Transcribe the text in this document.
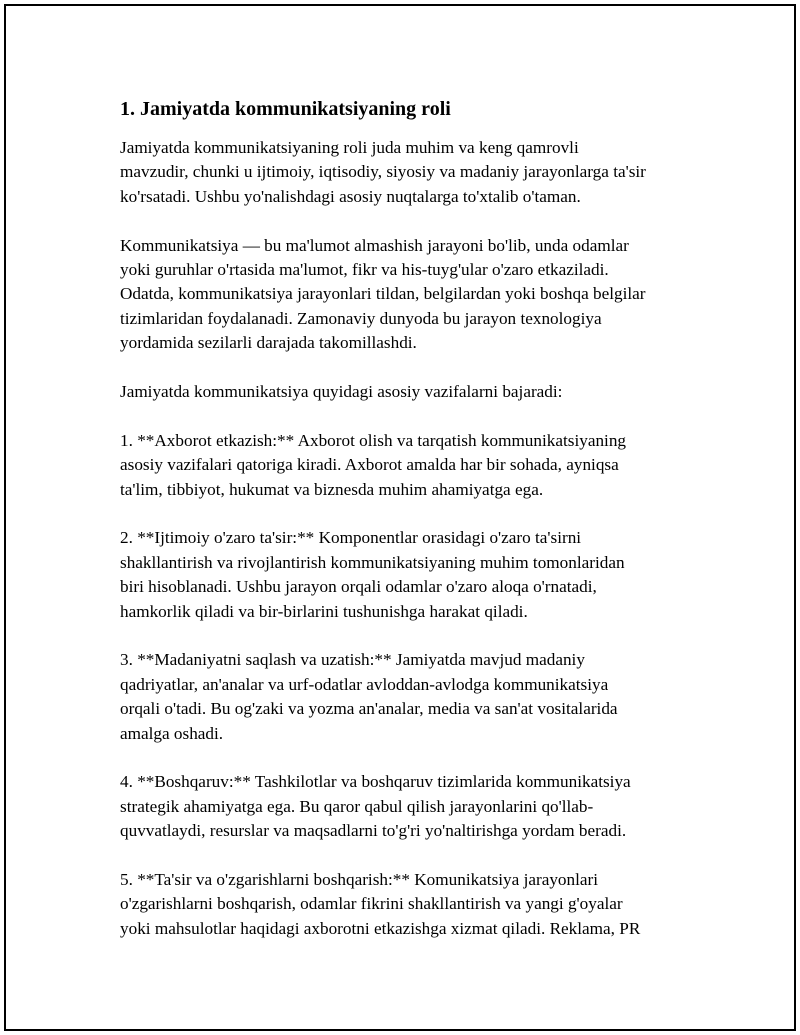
1. Jamiyatda kommunikatsiyaning roli
Jamiyatda kommunikatsiyaning roli juda muhim va keng qamrovli
mavzudir, chunki u ijtimoiy, iqtisodiy, siyosiy va madaniy jarayonlarga ta'sir
ko'rsatadi. Ushbu yo'nalishdagi asosiy nuqtalarga to'xtalib o'taman.
Kommunikatsiya — bu ma'lumot almashish jarayoni bo'lib, unda odamlar
yoki guruhlar o'rtasida ma'lumot, fikr va his-tuyg'ular o'zaro etkaziladi.
Odatda, kommunikatsiya jarayonlari tildan, belgilardan yoki boshqa belgilar
tizimlaridan foydalanadi. Zamonaviy dunyoda bu jarayon texnologiya
yordamida sezilarli darajada takomillashdi.
Jamiyatda kommunikatsiya quyidagi asosiy vazifalarni bajaradi:
1. **Axborot etkazish:** Axborot olish va tarqatish kommunikatsiyaning
asosiy vazifalari qatoriga kiradi. Axborot amalda har bir sohada, ayniqsa
ta'lim, tibbiyot, hukumat va biznesda muhim ahamiyatga ega.
2. **Ijtimoiy o'zaro ta'sir:** Komponentlar orasidagi o'zaro ta'sirni
shakllantirish va rivojlantirish kommunikatsiyaning muhim tomonlaridan
biri hisoblanadi. Ushbu jarayon orqali odamlar o'zaro aloqa o'rnatadi,
hamkorlik qiladi va bir-birlarini tushunishga harakat qiladi.
3. **Madaniyatni saqlash va uzatish:** Jamiyatda mavjud madaniy
qadriyatlar, an'analar va urf-odatlar avloddan-avlodga kommunikatsiya
orqali o'tadi. Bu og'zaki va yozma an'analar, media va san'at vositalarida
amalga oshadi.
4. **Boshqaruv:** Tashkilotlar va boshqaruv tizimlarida kommunikatsiya
strategik ahamiyatga ega. Bu qaror qabul qilish jarayonlarini qo'llab-
quvvatlaydi, resurslar va maqsadlarni to'g'ri yo'naltirishga yordam beradi.
5. **Ta'sir va o'zgarishlarni boshqarish:** Komunikatsiya jarayonlari
o'zgarishlarni boshqarish, odamlar fikrini shakllantirish va yangi g'oyalar
yoki mahsulotlar haqidagi axborotni etkazishga xizmat qiladi. Reklama, PR
